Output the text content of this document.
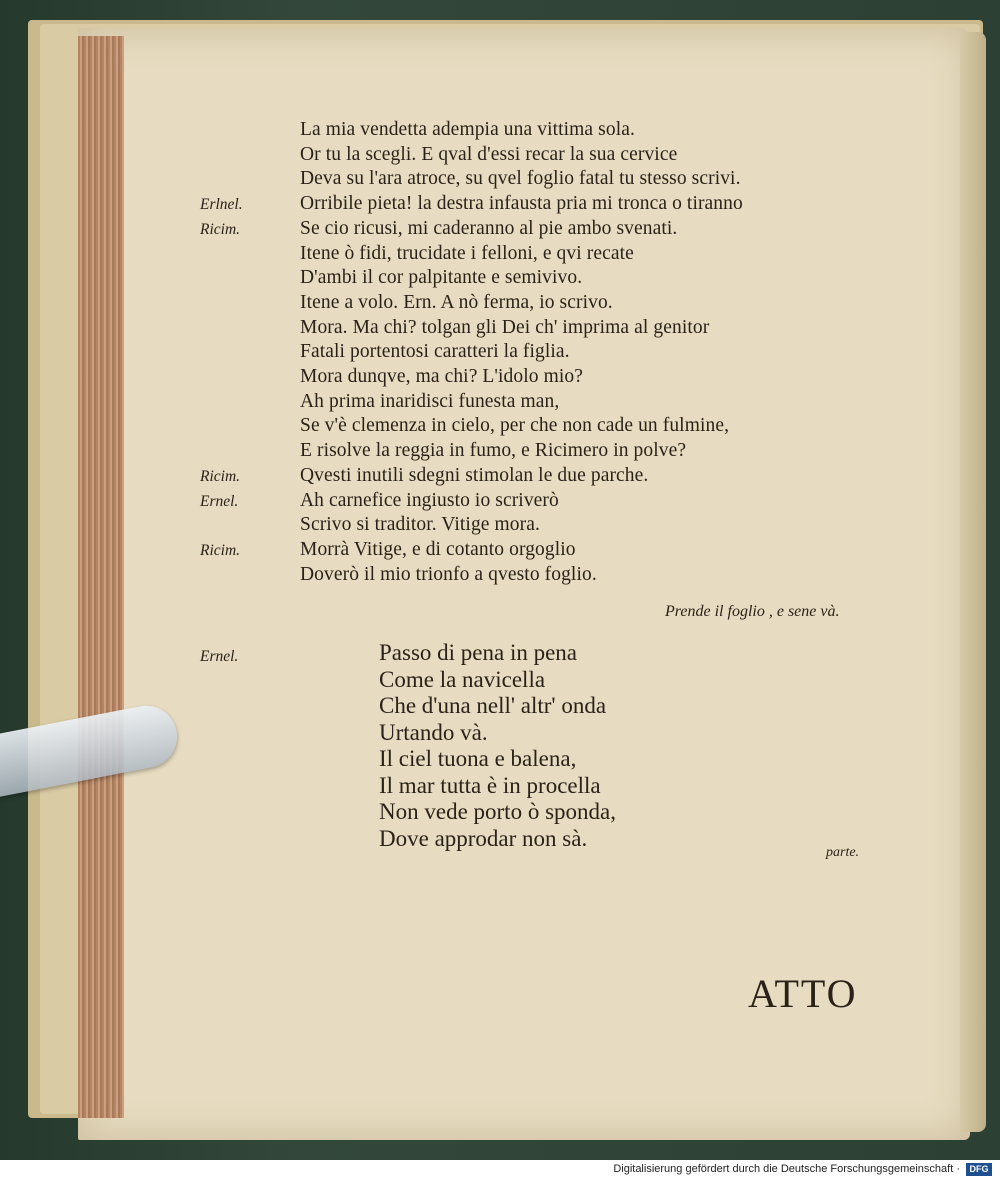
La mia vendetta adempia una vittima sola.
Or tu la scegli. E qval d'essi recar la sua cervice
Deva su l'ara atroce, su qvel foglio fatal tu stesso scrivi.
Erlnel.	Orribile pieta! la destra infausta pria mi tronca o tiranno
Ricim.	Se cio ricusi, mi caderanno al pie ambo svenati.
Itene ò fidi, trucidate i felloni, e qvi recate
D'ambi il cor palpitante e semivivo.
Itene a volo. Ern. A nò ferma, io scrivo.
Mora. Ma chi? tolgan gli Dei ch' imprima al genitor
Fatali portentosi caratteri la figlia.
Mora dunqve, ma chi? L'idolo mio?
Ah prima inaridisci funesta man,
Se v'è clemenza in cielo, per che non cade un fulmine,
E risolve la reggia in fumo, e Ricimero in polve?
Ricim.	Qvesti inutili sdegni stimolan le due parche.
Ernel.	Ah carnefice ingiusto io scriverò
Scrivo si traditor. Vitige mora.
Ricim.	Morrà Vitige, e di cotanto orgoglio
Doverò il mio trionfo a qvesto foglio.
Prende il foglio , e sene và.
Ernel.	Passo di pena in pena
Come la navicella
Che d'una nell' altr' onda
Urtando và.
Il ciel tuona e balena,
Il mar tutta è in procella
Non vede porto ò sponda,
Dove approdar non sà.
parte.
ATTO
Digitalisierung gefördert durch die Deutsche Forschungsgemeinschaft ·	DFG
